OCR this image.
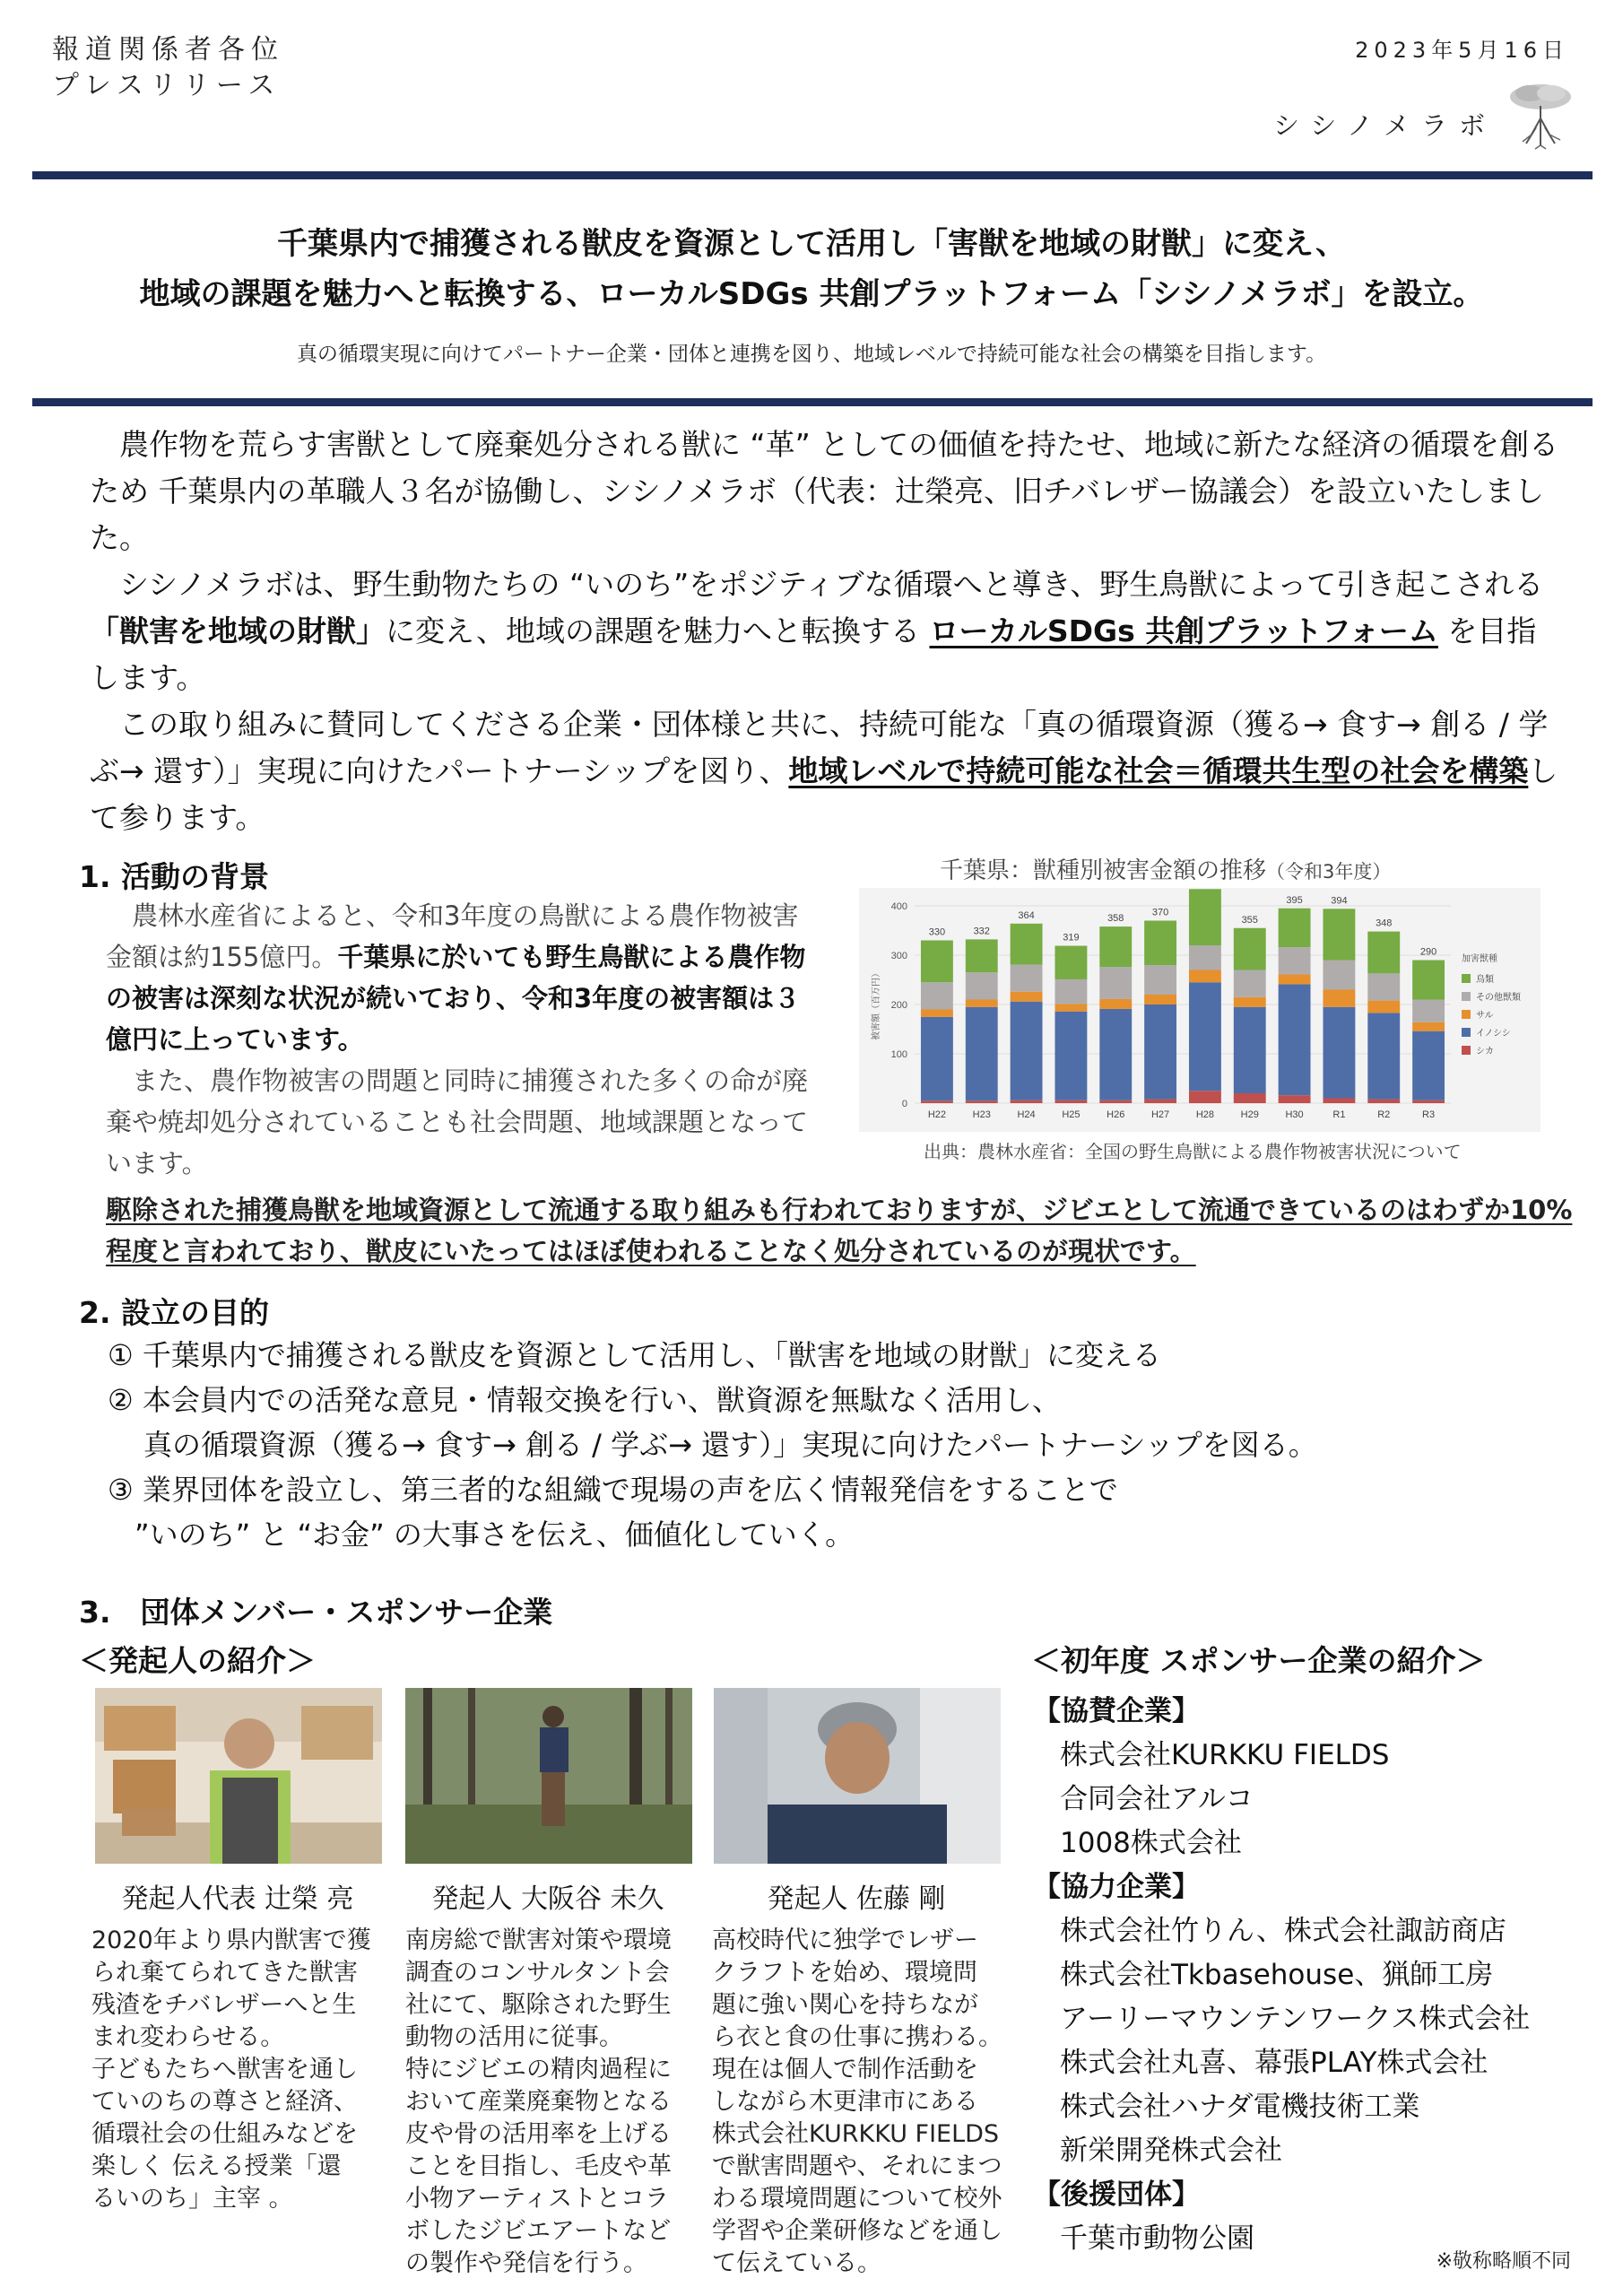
報道関係者各位
プレスリリース
2023年5月16日
シシノメラボ
千葉県内で捕獲される獣皮を資源として活用し「害獣を地域の財獣」に変え、
地域の課題を魅力へと転換する、ローカルSDGs 共創プラットフォーム「シシノメラボ」を設立。
真の循環実現に向けてパートナー企業・団体と連携を図り、地域レベルで持続可能な社会の構築を目指します。

農作物を荒らす害獣として廃棄処分される獣に “革” としての価値を持たせ、地域に新たな経済の循環を創るため 千葉県内の革職人３名が協働し、シシノメラボ（代表：辻榮亮、旧チバレザー協議会）を設立いたしました。

シシノメラボは、野生動物たちの “いのち”をポジティブな循環へと導き、野生鳥獣によって引き起こされる「獣害を地域の財獣」に変え、地域の課題を魅力へと転換する ローカルSDGs 共創プラットフォーム を目指します。

この取り組みに賛同してくださる企業・団体様と共に、持続可能な「真の循環資源（獲る→ 食す→ 創る / 学ぶ→ 還す）」実現に向けたパートナーシップを図り、地域レベルで持続可能な社会＝循環共生型の社会を構築して参ります。

1. 活動の背景

農林水産省によると、令和3年度の鳥獣による農作物被害金額は約155億円。千葉県に於いても野生鳥獣による農作物の被害は深刻な状況が続いており、令和3年度の被害額は３億円に上っています。

また、農作物被害の問題と同時に捕獲された多くの命が廃棄や焼却処分されていることも社会問題、地域課題となっています。

千葉県：獣種別被害金額の推移（令和3年度）
0
100
200
300
400
被害額（百万円）
330
H22
332
H23
364
H24
319
H25
358
H26
370
H27	H28
355
H29
395
H30
394
R1
348
R2
290
R3
加害獣種
鳥類
その他獣類
サル
イノシシ
シカ
出典：農林水産省：全国の野生鳥獣による農作物被害状況について
駆除された捕獲鳥獣を地域資源として流通する取り組みも行われておりますが、ジビエとして流通できているのはわずか10%程度と言われており、獣皮にいたってはほぼ使われることなく処分されているのが現状です。
2. 設立の目的
① 千葉県内で捕獲される獣皮を資源として活用し、「獣害を地域の財獣」に変える
② 本会員内での活発な意見・情報交換を行い、獣資源を無駄なく活用し、
真の循環資源（獲る→ 食す→ 創る / 学ぶ→ 還す）」実現に向けたパートナーシップを図る。
③ 業界団体を設立し、第三者的な組織で現場の声を広く情報発信をすることで
”いのち” と “お金” の大事さを伝え、価値化していく。
3.　団体メンバー・スポンサー企業
＜発起人の紹介＞	＜初年度 スポンサー企業の紹介＞
発起人代表 辻榮 亮	発起人 大阪谷 未久	発起人 佐藤 剛
2020年より県内獣害で獲
られ棄てられてきた獣害
残渣をチバレザーへと生
まれ変わらせる。
子どもたちへ獣害を通し
ていのちの尊さと経済、
循環社会の仕組みなどを
楽しく 伝える授業「還
るいのち」主宰 。
南房総で獣害対策や環境
調査のコンサルタント会
社にて、駆除された野生
動物の活用に従事。
特にジビエの精肉過程に
おいて産業廃棄物となる
皮や骨の活用率を上げる
ことを目指し、毛皮や革
小物アーティストとコラ
ボしたジビエアートなど
の製作や発信を行う。
高校時代に独学でレザー
クラフトを始め、環境問
題に強い関心を持ちなが
ら衣と食の仕事に携わる。
現在は個人で制作活動を
しながら木更津市にある
株式会社KURKKU FIELDS
で獣害問題や、それにまつ
わる環境問題について校外
学習や企業研修などを通し
て伝えている。
【協賛企業】
株式会社KURKKU FIELDS
合同会社アルコ
1008株式会社
【協力企業】
株式会社竹りん、株式会社諏訪商店
株式会社Tkbasehouse、猟師工房
アーリーマウンテンワークス株式会社
株式会社丸喜、幕張PLAY株式会社
株式会社ハナダ電機技術工業
新栄開発株式会社
【後援団体】
千葉市動物公園
※敬称略順不同
